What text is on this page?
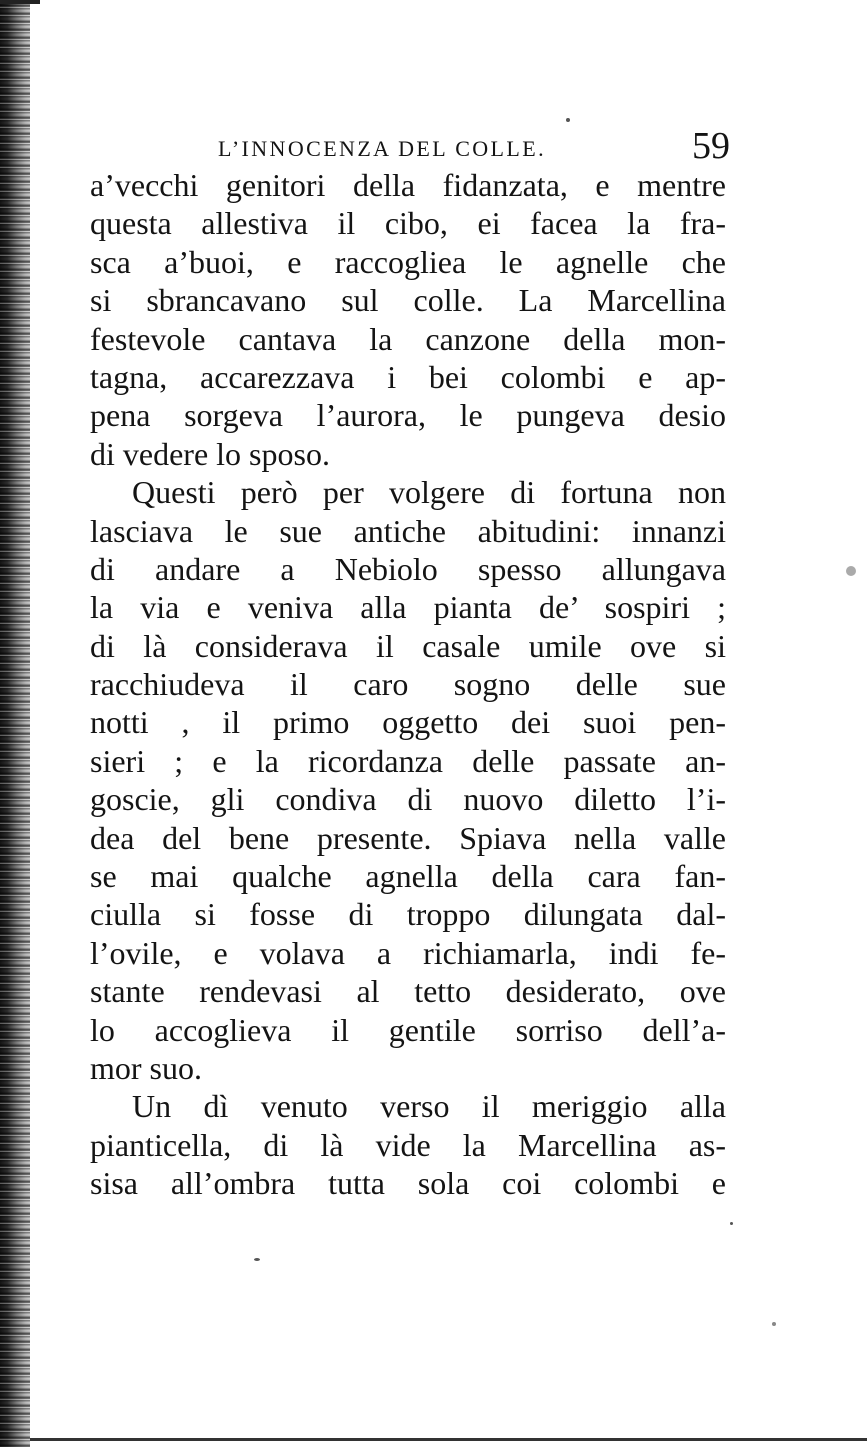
L’INNOCENZA DEL COLLE.	59
a’vecchi genitori della fidanzata, e mentre
questa allestiva il cibo, ei facea la fra-
sca a’buoi, e raccogliea le agnelle che
si sbrancavano sul colle. La Marcellina
festevole cantava la canzone della mon-
tagna, accarezzava i bei colombi e ap-
pena sorgeva l’aurora, le pungeva desio
di vedere lo sposo.
Questi però per volgere di fortuna non
lasciava le sue antiche abitudini: innanzi
di andare a Nebiolo spesso allungava
la via e veniva alla pianta de’ sospiri ;
di là considerava il casale umile ove si
racchiudeva il caro sogno delle sue
notti , il primo oggetto dei suoi pen-
sieri ; e la ricordanza delle passate an-
goscie, gli condiva di nuovo diletto l’i-
dea del bene presente. Spiava nella valle
se mai qualche agnella della cara fan-
ciulla si fosse di troppo dilungata dal-
l’ovile, e volava a richiamarla, indi fe-
stante rendevasi al tetto desiderato, ove
lo accoglieva il gentile sorriso dell’a-
mor suo.
Un dì venuto verso il meriggio alla
pianticella, di là vide la Marcellina as-
sisa all’ombra tutta sola coi colombi e
